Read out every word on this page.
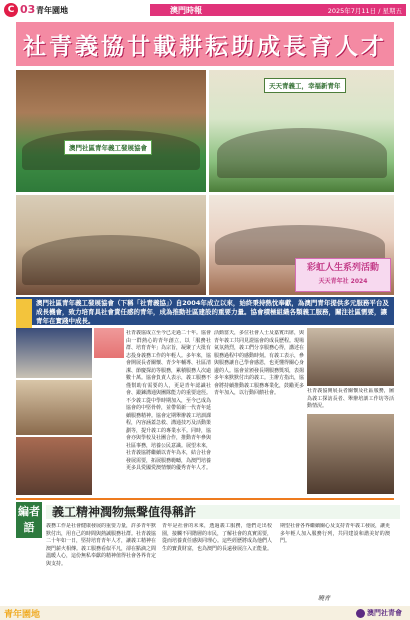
C 03 青年園地	澳門時報	2025年7月11日 / 星期五
社青義協廿載耕耘助成長育人才
澳門社區青年義工發展協會
天天青義工，幸福新青年
彩虹人生系列活動
天天青年社 2024

澳門社區青年義工發展協會（下稱「社青義協」）自2004年成立以來，始終秉持熱忱奉獻，為澳門青年提供多元服務平台及成長機會，致力培育具社會責任感的青年，成為推動社區建設的重要力量。協會積極組織各類義工服務，關注社區需要，讓青年在實踐中成長。

社青義協成立至今已走過二十年。協會由一群熱心的青年創立，以「服務社群、培育青年」為宗旨，凝聚了大批有志投身義務工作的年輕人。多年來，協會開展長者關懷、青少年輔導、社區清潔、節慶探訪等服務，累積服務人次逾數十萬。協會負責人表示，義工服務不僅幫助有需要的人，更是青年認識社會、鍛鍊溝通與團隊能力的重要途徑。不少義工從中學時期加入，至今已成為協會的中堅骨幹，並帶領新一代青年延續服務精神。協會定期舉辦義工培訓課程，內容涵蓋急救、溝通技巧及活動策劃等，提升義工的專業水平。同時，協會亦與學校及社團合作，推動青年參與社區事務，培養公民意識。展望未來，社青義協將繼續以青年為本，結合社會發展需要，拓展服務範疇，為澳門培養更多具愛國愛澳情懷的優秀青年人才。
活動當天，多位社會人士及嘉賓出席，與青年義工共同見證協會的成長歷程。現場氣氛熱烈，義工們分享服務心得，講述在服務過程中的感動時刻。有義工表示，參與服務讓自己學會感恩，也更懂得關心身邊的人。協會並頒發長期服務獎項，表揚多年來默默付出的義工。主辦方指出，協會將持續推動義工服務專業化，鼓勵更多青年加入，以行動回饋社會。	社青義協開展長者關懷及社區服務，圖為義工探訪長者、舉辦培訓工作坊等活動情況。
編者語
義工精神潤物無聲值得稱許
義務工作是社會健康發展的重要力量，許多青年默默付出，用自己的時間與熱誠服務社群。社青義協二十年如一日，堅持培育青年人才，讓義工精神在澳門薪火相傳。義工服務看似平凡，卻在點滴之間溫暖人心，這份無私奉獻的精神值得社會各界肯定與支持。
青年是社會的未來，透過義工服務，他們走出校園，接觸不同階層的市民，了解社會的真實需要，從而培養責任感與同理心。這些經歷將成為他們人生的寶貴財富，也為澳門的長遠發展注入正能量。
期望社會各界繼續關心及支持青年義工發展，讓更多年輕人加入服務行列，共同建設和諧美好的澳門。
曉青
青年園地	澳門社青會
